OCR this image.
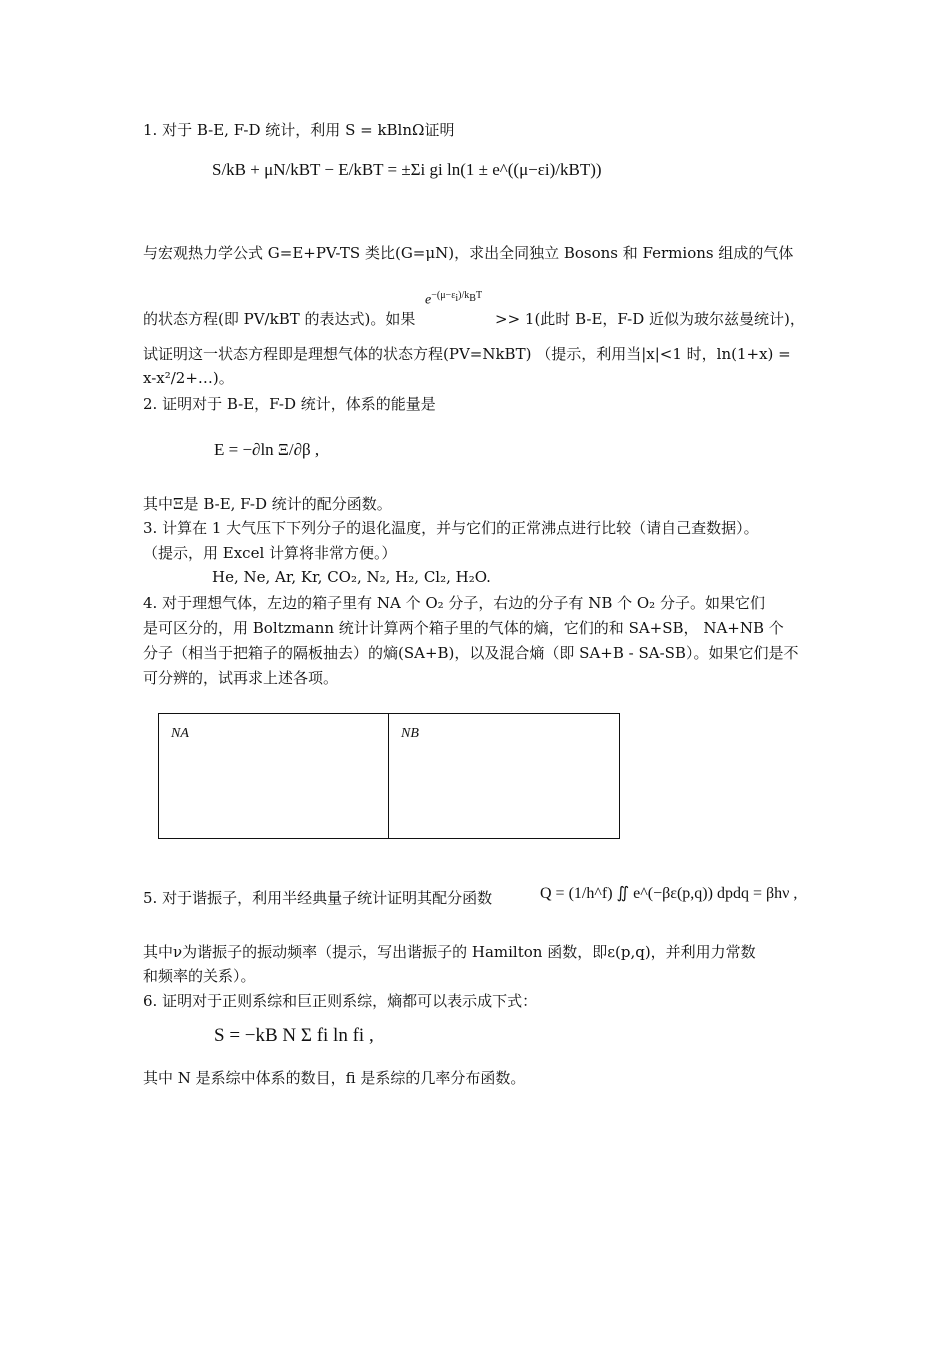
1. 对于 B-E, F-D 统计，利用 S = kBlnΩ证明
S/kB + μN/kBT − E/kBT = ±Σi gi ln(1 ± e^((μ−εi)/kBT))
与宏观热力学公式 G=E+PV-TS 类比(G=μN)，求出全同独立 Bosons 和 Fermions 组成的气体
的状态方程(即 PV/kBT 的表达式)。如果
$e^{-(\mu-\varepsilon_i)/k_BT}$
>> 1(此时 B-E，F-D 近似为玻尔兹曼统计)，
试证明这一状态方程即是理想气体的状态方程(PV=NkBT) （提示，利用当|x|<1 时，ln(1+x) =
x-x²/2+…)。
2. 证明对于 B-E，F-D 统计，体系的能量是
E = −∂ln Ξ/∂β ,
其中Ξ是 B-E, F-D 统计的配分函数。
3. 计算在 1 大气压下下列分子的退化温度，并与它们的正常沸点进行比较（请自己查数据）。
（提示，用 Excel 计算将非常方便。）
He, Ne, Ar, Kr, CO₂, N₂, H₂, Cl₂, H₂O.
4. 对于理想气体，左边的箱子里有 NA 个 O₂ 分子，右边的分子有 NB 个 O₂ 分子。如果它们
是可区分的，用 Boltzmann 统计计算两个箱子里的气体的熵，它们的和 SA+SB， NA+NB 个
分子（相当于把箱子的隔板抽去）的熵(SA+B)，以及混合熵（即 SA+B - SA-SB）。如果它们是不
可分辨的，试再求上述各项。
NA	NB
5. 对于谐振子，利用半经典量子统计证明其配分函数	Q = (1/h^f) ∬ e^(−βε(p,q)) dpdq = βhν ,
其中ν为谐振子的振动频率（提示，写出谐振子的 Hamilton 函数，即ε(p,q)，并利用力常数
和频率的关系）。
6. 证明对于正则系综和巨正则系综，熵都可以表示成下式：
S = −kB N Σ fi ln fi ,
其中 N 是系综中体系的数目，fi 是系综的几率分布函数。
